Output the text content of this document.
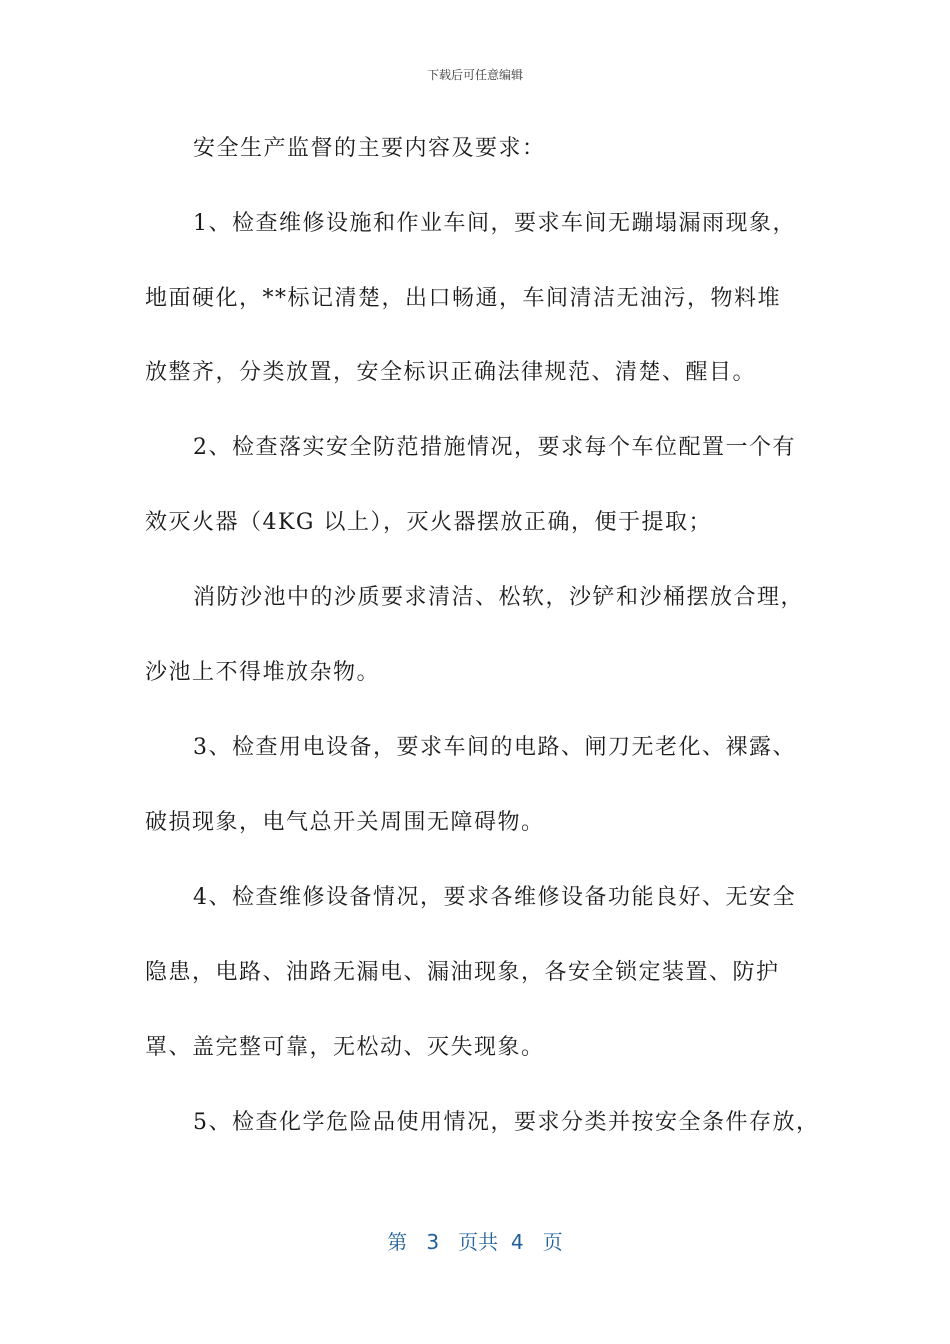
下载后可任意编辑
安全生产监督的主要内容及要求：
1、检查维修设施和作业车间，要求车间无蹦塌漏雨现象，
地面硬化，**标记清楚，出口畅通，车间清洁无油污，物料堆
放整齐，分类放置，安全标识正确法律规范、清楚、醒目。
2、检查落实安全防范措施情况，要求每个车位配置一个有
效灭火器（4KG 以上），灭火器摆放正确，便于提取；
消防沙池中的沙质要求清洁、松软，沙铲和沙桶摆放合理，
沙池上不得堆放杂物。
3、检查用电设备，要求车间的电路、闸刀无老化、裸露、
破损现象，电气总开关周围无障碍物。
4、检查维修设备情况，要求各维修设备功能良好、无安全
隐患，电路、油路无漏电、漏油现象，各安全锁定装置、防护
罩、盖完整可靠，无松动、灭失现象。
5、检查化学危险品使用情况，要求分类并按安全条件存放，
第 3 页共 4 页
